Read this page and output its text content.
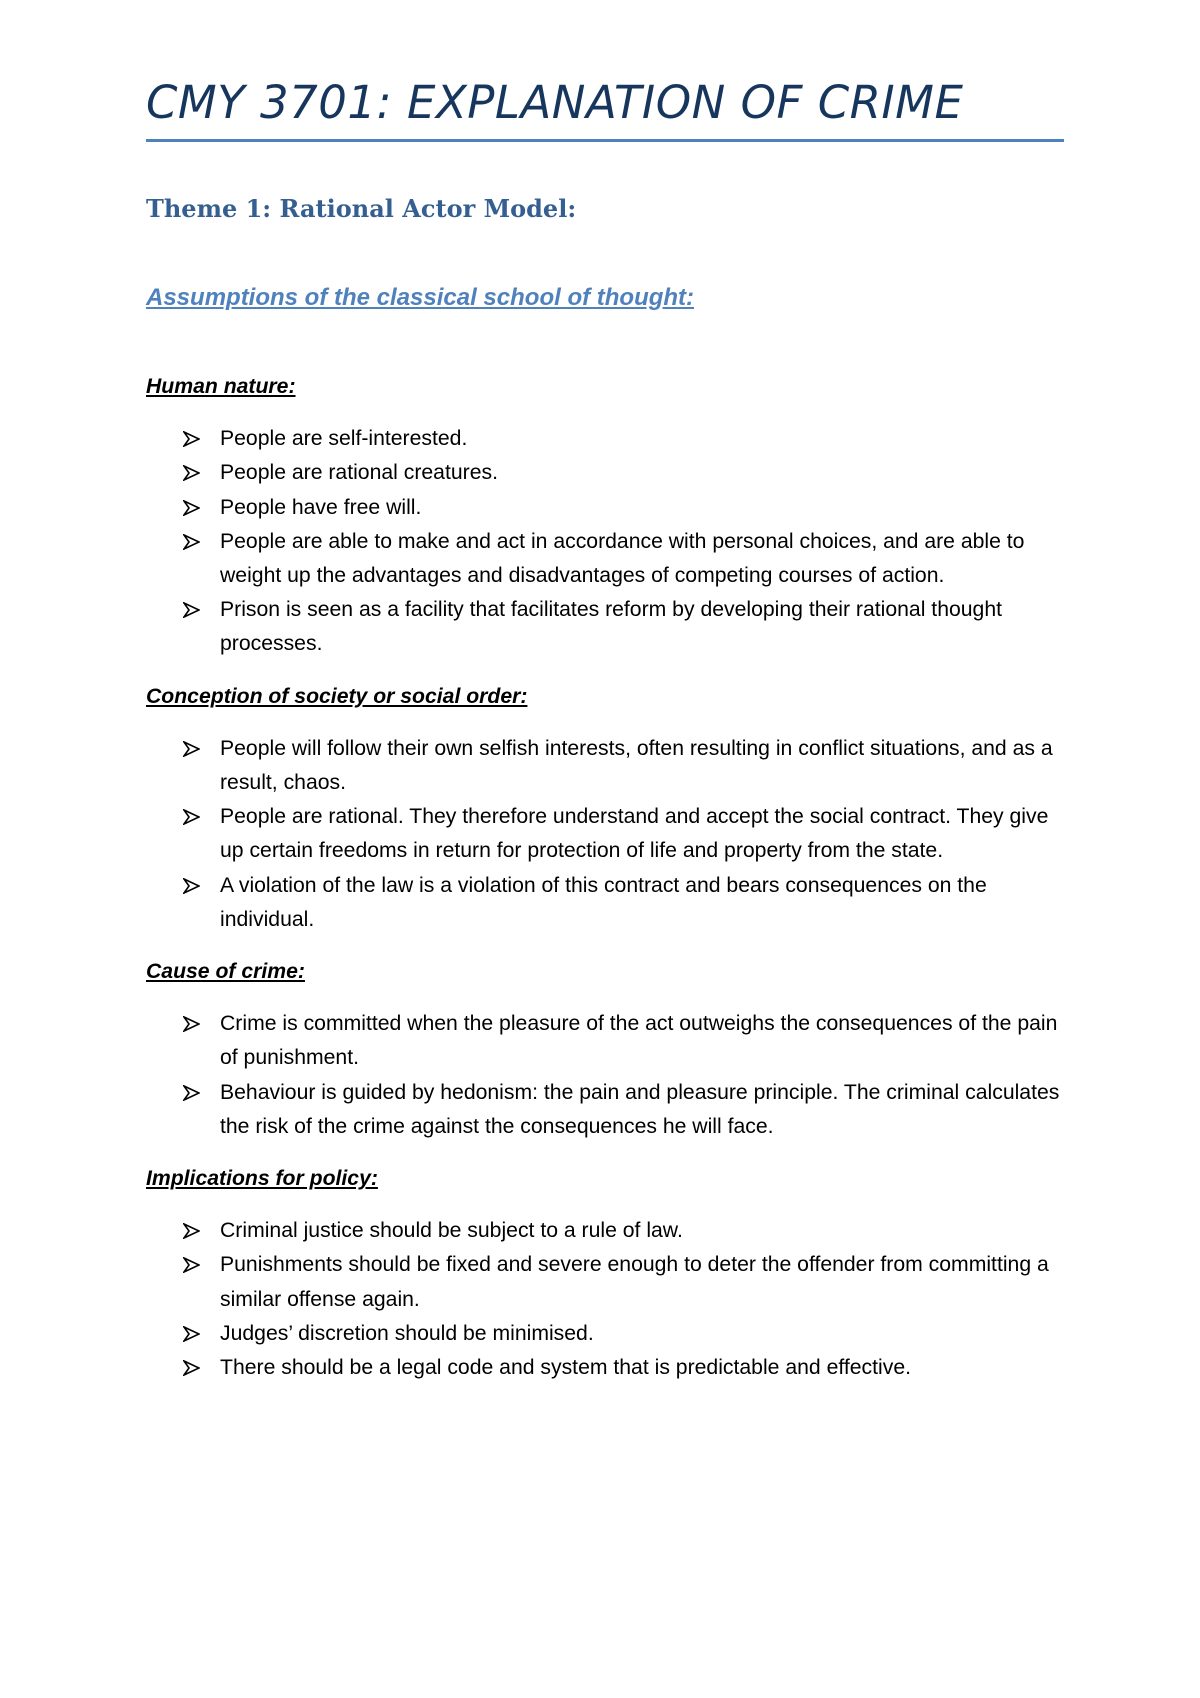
CMY 3701: EXPLANATION OF CRIME
Theme 1: Rational Actor Model:
Assumptions of the classical school of thought:

Human nature:

People are self-interested.
People are rational creatures.
People have free will.
People are able to make and act in accordance with personal choices, and are able to weight up the advantages and disadvantages of competing courses of action.
Prison is seen as a facility that facilitates reform by developing their rational thought processes.

Conception of society or social order:

People will follow their own selfish interests, often resulting in conflict situations, and as a result, chaos.
People are rational. They therefore understand and accept the social contract. They give up certain freedoms in return for protection of life and property from the state.
A violation of the law is a violation of this contract and bears consequences on the individual.

Cause of crime:

Crime is committed when the pleasure of the act outweighs the consequences of the pain of punishment.
Behaviour is guided by hedonism: the pain and pleasure principle. The criminal calculates the risk of the crime against the consequences he will face.

Implications for policy:

Criminal justice should be subject to a rule of law.
Punishments should be fixed and severe enough to deter the offender from committing a similar offense again.
Judges’ discretion should be minimised.
There should be a legal code and system that is predictable and effective.
